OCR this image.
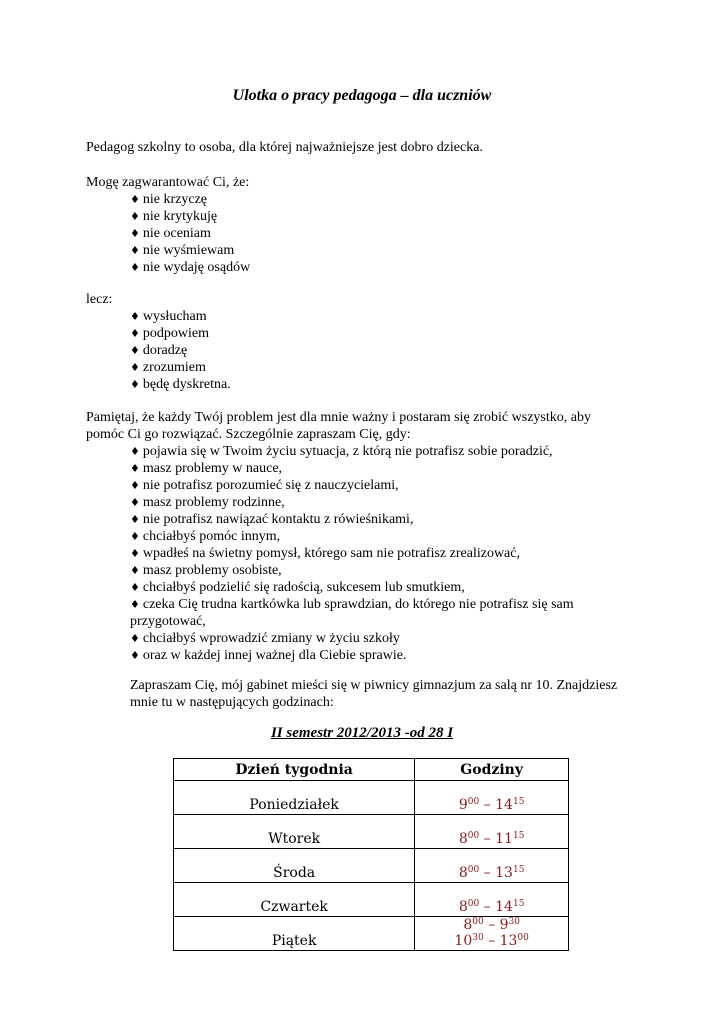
Ulotka o pracy pedagoga – dla uczniów

Pedagog szkolny to osoba, dla której najważniejsze jest dobro dziecka.

Mogę zagwarantować Ci, że:

♦ nie krzyczę
♦ nie krytykuję
♦ nie oceniam
♦ nie wyśmiewam
♦ nie wydaję osądów

lecz:

♦ wysłucham
♦ podpowiem
♦ doradzę
♦ zrozumiem
♦ będę dyskretna.

Pamiętaj, że każdy Twój problem jest dla mnie ważny i postaram się zrobić wszystko, aby
pomóc Ci go rozwiązać. Szczególnie zapraszam Cię, gdy:

♦ pojawia się w Twoim życiu sytuacja, z którą nie potrafisz sobie poradzić,
♦ masz problemy w nauce,
♦ nie potrafisz porozumieć się z nauczycielami,
♦ masz problemy rodzinne,
♦ nie potrafisz nawiązać kontaktu z rówieśnikami,
♦ chciałbyś pomóc innym,
♦ wpadłeś na świetny pomysł, którego sam nie potrafisz zrealizować,
♦ masz problemy osobiste,
♦ chciałbyś podzielić się radością, sukcesem lub smutkiem,
♦ czeka Cię trudna kartkówka lub sprawdzian, do którego nie potrafisz się sam przygotować,
♦ chciałbyś wprowadzić zmiany w życiu szkoły
♦ oraz w każdej innej ważnej dla Ciebie sprawie.

Zapraszam Cię, mój gabinet mieści się w piwnicy gimnazjum za salą nr 10. Znajdziesz
mnie tu w następujących godzinach:

II semestr 2012/2013 -od 28 I
Dzień tygodnia	Godziny
Poniedziałek	$9^{00} - 14^{15}$

Wtorek	$8^{00} - 11^{15}$

Środa	$8^{00} - 13^{15}$

Czwartek	$8^{00} - 14^{15}$

Piątek	$8^{00} - 9^{30}$
$10^{30} - 13^{00}$
